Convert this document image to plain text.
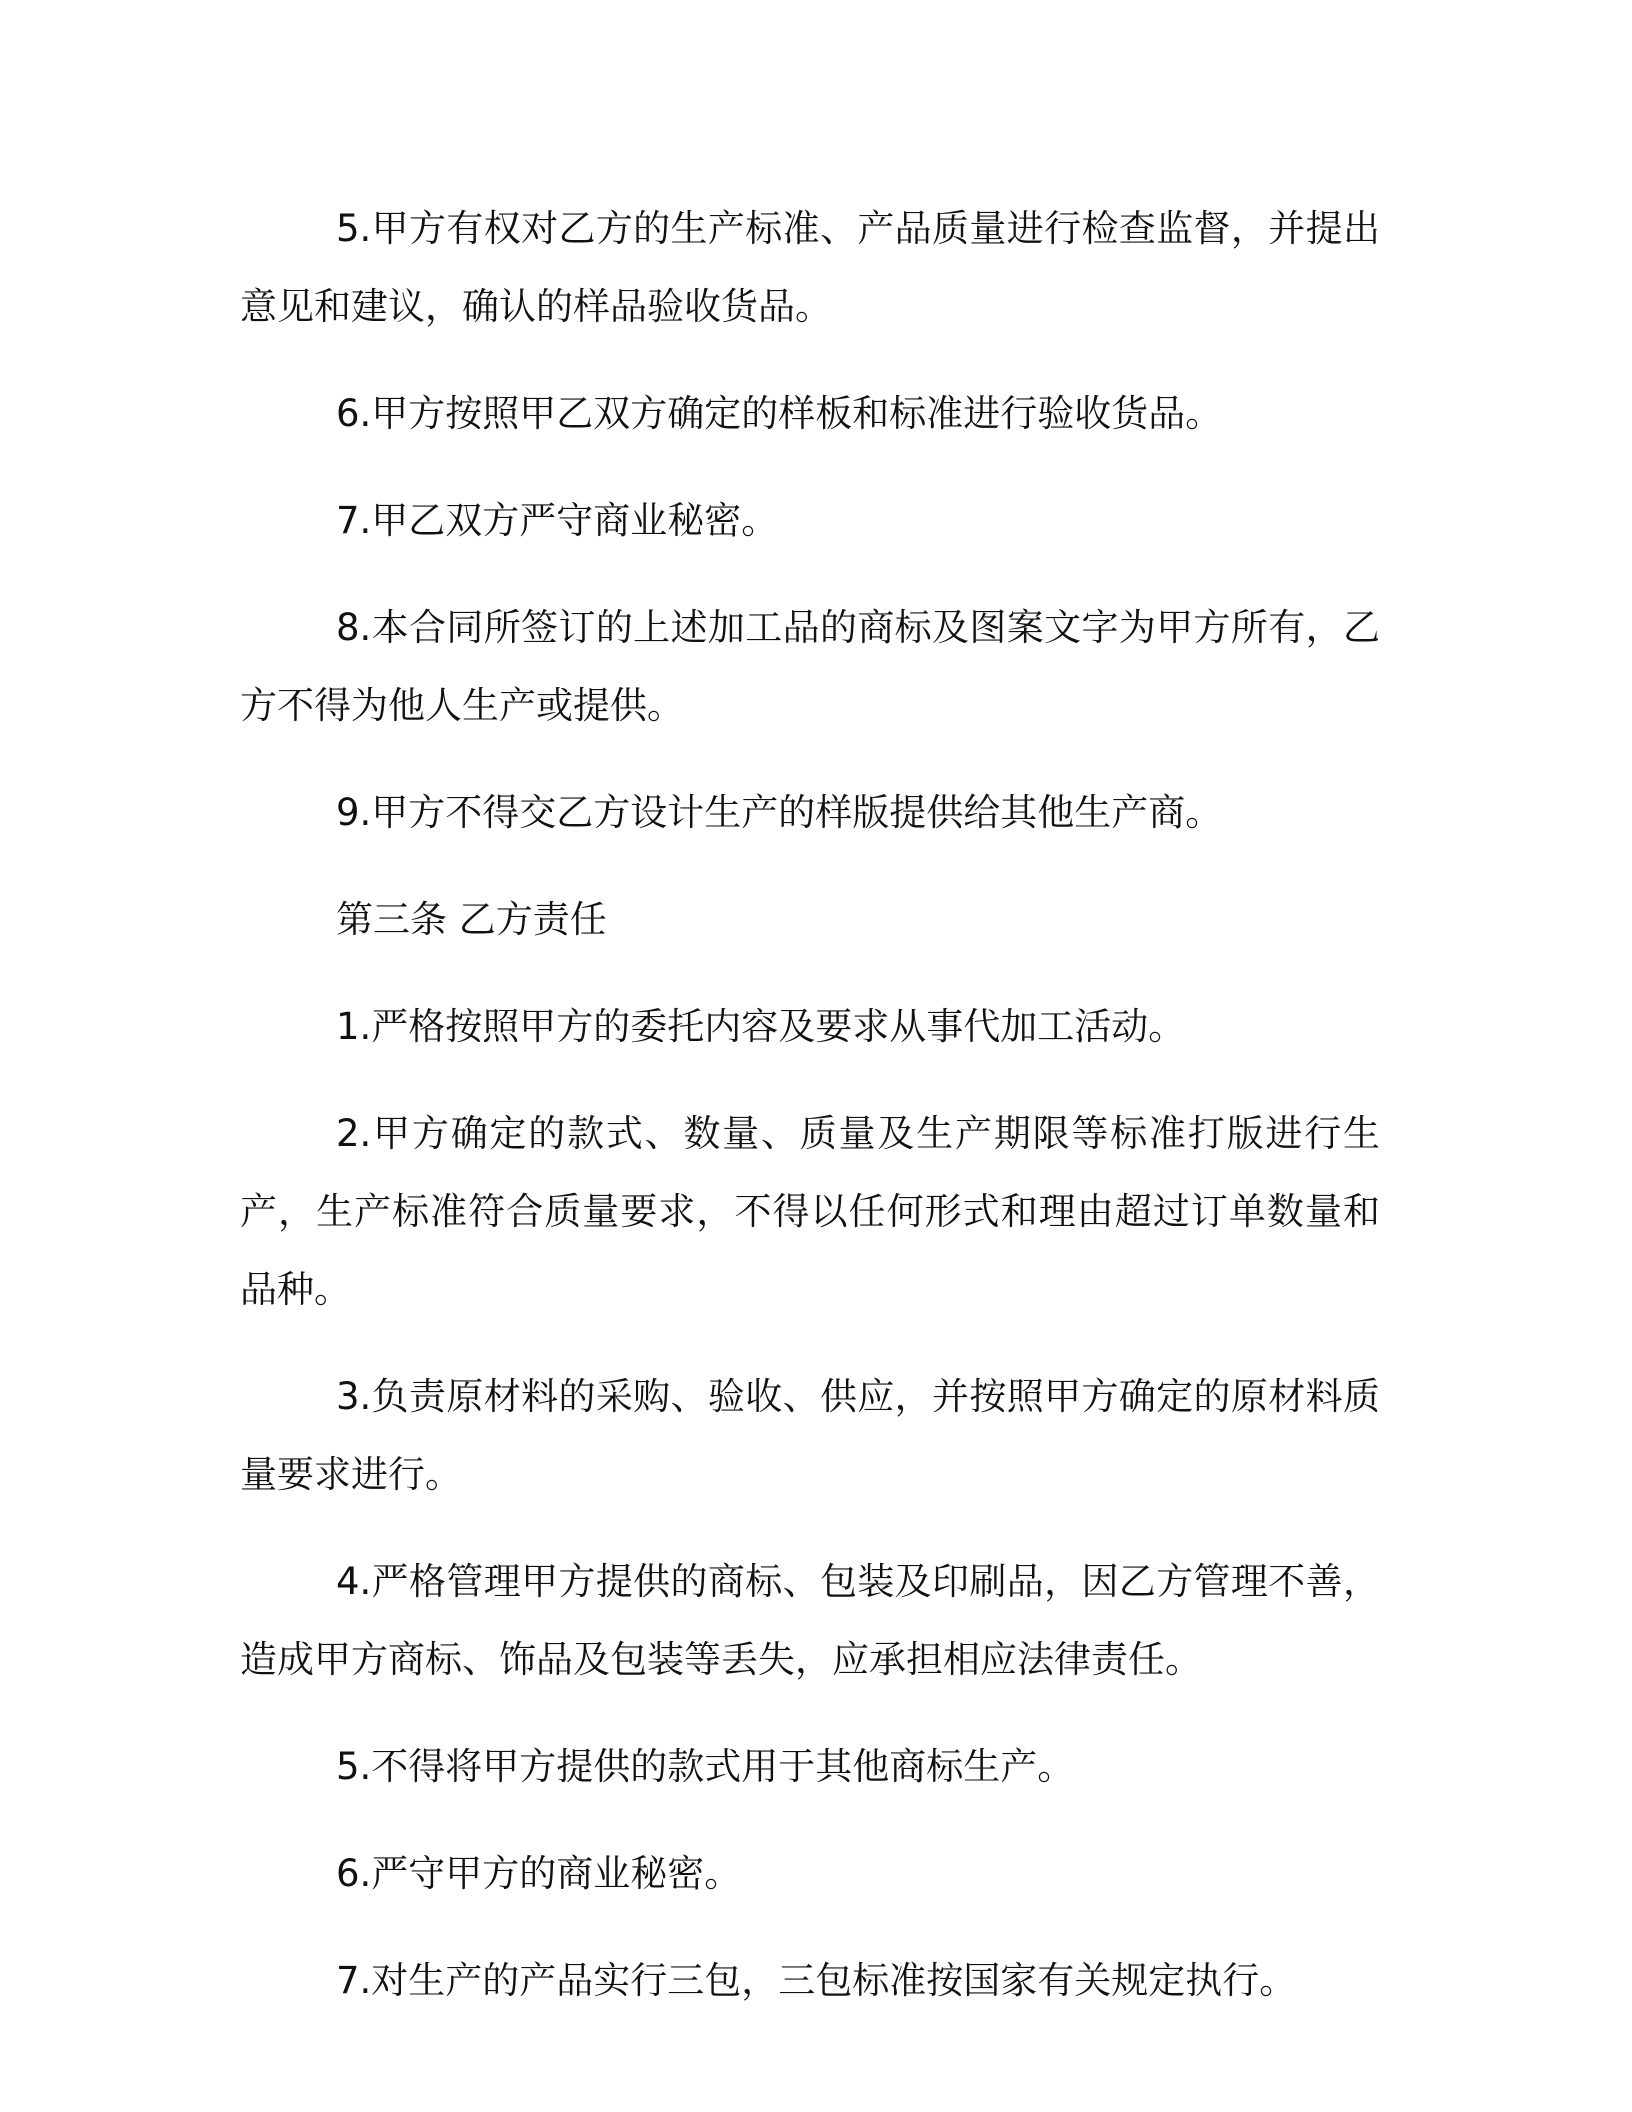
5.甲方有权对乙方的生产标准、产品质量进行检查监督，并提出意见和建议，确认的样品验收货品。

6.甲方按照甲乙双方确定的样板和标准进行验收货品。

7.甲乙双方严守商业秘密。

8.本合同所签订的上述加工品的商标及图案文字为甲方所有，乙方不得为他人生产或提供。

9.甲方不得交乙方设计生产的样版提供给其他生产商。

第三条 乙方责任

1.严格按照甲方的委托内容及要求从事代加工活动。

2.甲方确定的款式、数量、质量及生产期限等标准打版进行生产，生产标准符合质量要求，不得以任何形式和理由超过订单数量和品种。

3.负责原材料的采购、验收、供应，并按照甲方确定的原材料质量要求进行。

4.严格管理甲方提供的商标、包装及印刷品，因乙方管理不善，造成甲方商标、饰品及包装等丢失，应承担相应法律责任。

5.不得将甲方提供的款式用于其他商标生产。

6.严守甲方的商业秘密。

7.对生产的产品实行三包，三包标准按国家有关规定执行。
